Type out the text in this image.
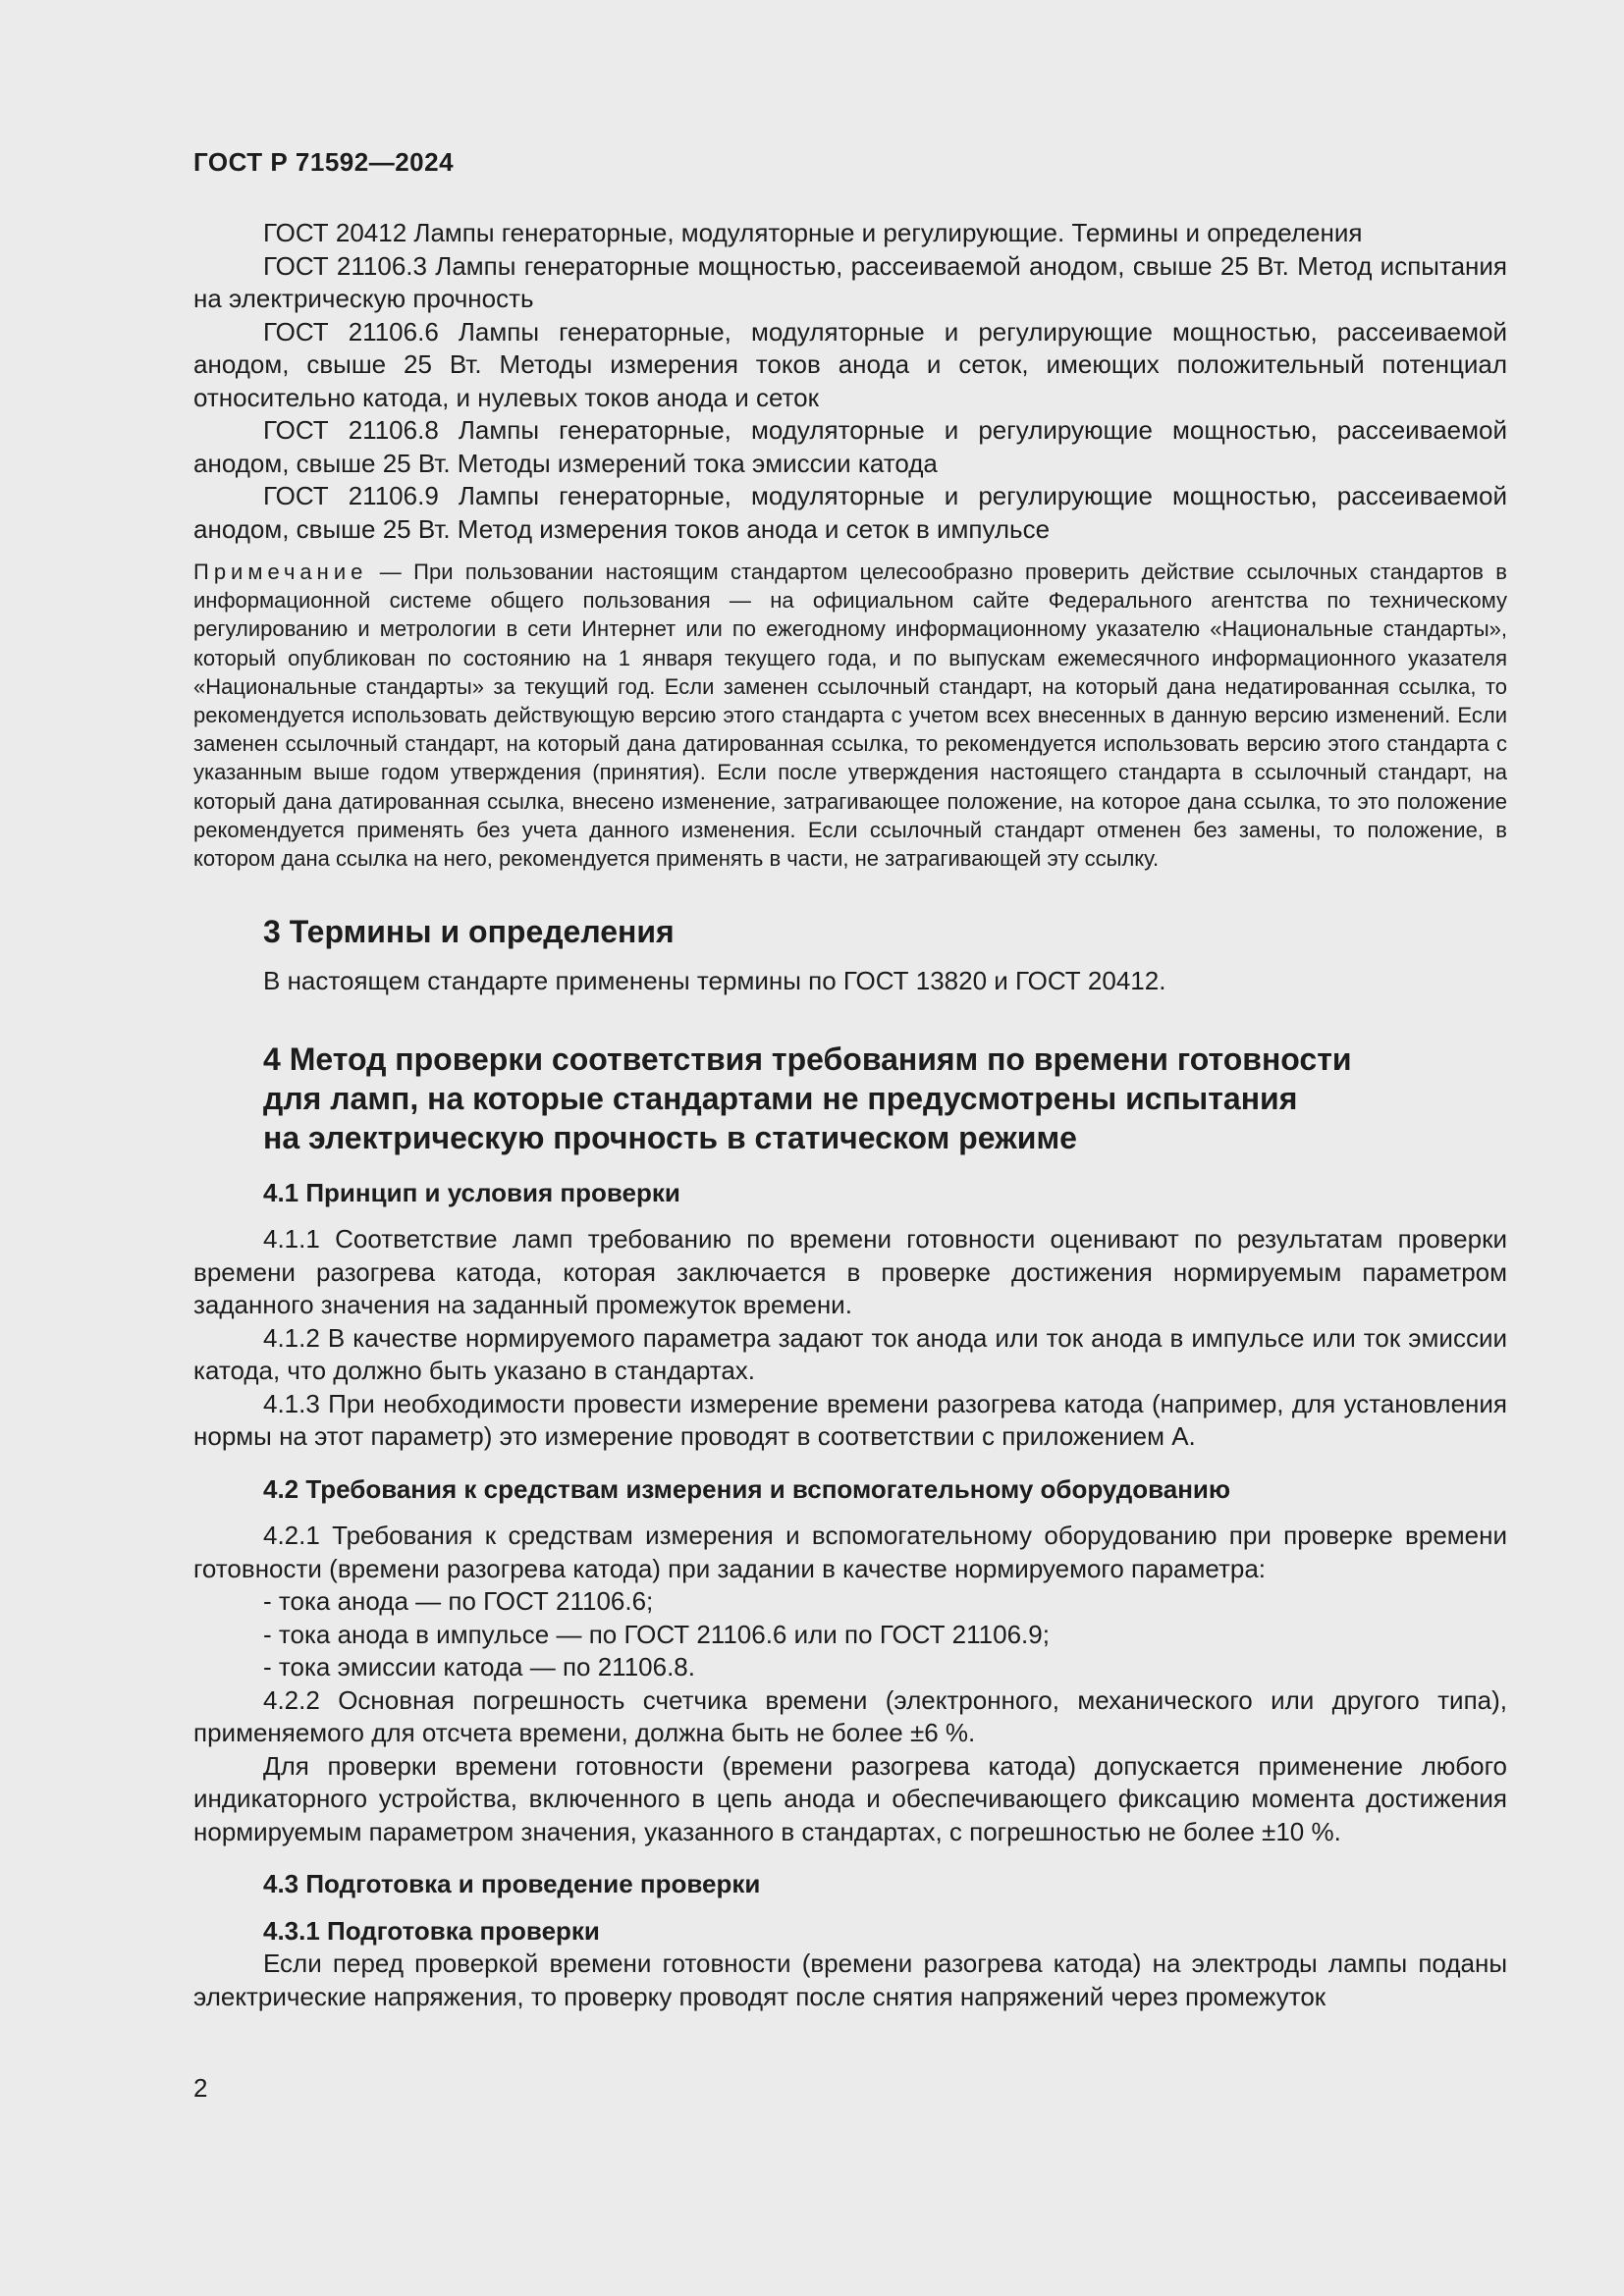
ГОСТ Р 71592—2024

ГОСТ 20412 Лампы генераторные, модуляторные и регулирующие. Термины и определения

ГОСТ 21106.3 Лампы генераторные мощностью, рассеиваемой анодом, свыше 25 Вт. Метод испытания на электрическую прочность

ГОСТ 21106.6 Лампы генераторные, модуляторные и регулирующие мощностью, рассеиваемой анодом, свыше 25 Вт. Методы измерения токов анода и сеток, имеющих положительный потенциал относительно катода, и нулевых токов анода и сеток

ГОСТ 21106.8 Лампы генераторные, модуляторные и регулирующие мощностью, рассеиваемой анодом, свыше 25 Вт. Методы измерений тока эмиссии катода

ГОСТ 21106.9 Лампы генераторные, модуляторные и регулирующие мощностью, рассеиваемой анодом, свыше 25 Вт. Метод измерения токов анода и сеток в импульсе

Примечание — При пользовании настоящим стандартом целесообразно проверить действие ссылочных стандартов в информационной системе общего пользования — на официальном сайте Федерального агентства по техническому регулированию и метрологии в сети Интернет или по ежегодному информационному указателю «Национальные стандарты», который опубликован по состоянию на 1 января текущего года, и по выпускам ежемесячного информационного указателя «Национальные стандарты» за текущий год. Если заменен ссылочный стандарт, на который дана недатированная ссылка, то рекомендуется использовать действующую версию этого стандарта с учетом всех внесенных в данную версию изменений. Если заменен ссылочный стандарт, на который дана датированная ссылка, то рекомендуется использовать версию этого стандарта с указанным выше годом утверждения (принятия). Если после утверждения настоящего стандарта в ссылочный стандарт, на который дана датированная ссылка, внесено изменение, затрагивающее положение, на которое дана ссылка, то это положение рекомендуется применять без учета данного изменения. Если ссылочный стандарт отменен без замены, то положение, в котором дана ссылка на него, рекомендуется применять в части, не затрагивающей эту ссылку.
3 Термины и определения

В настоящем стандарте применены термины по ГОСТ 13820 и ГОСТ 20412.

4 Метод проверки соответствия требованиям по времени готовности
для ламп, на которые стандартами не предусмотрены испытания
на электрическую прочность в статическом режиме
4.1 Принцип и условия проверки

4.1.1 Соответствие ламп требованию по времени готовности оценивают по результатам проверки времени разогрева катода, которая заключается в проверке достижения нормируемым параметром заданного значения на заданный промежуток времени.

4.1.2 В качестве нормируемого параметра задают ток анода или ток анода в импульсе или ток эмиссии катода, что должно быть указано в стандартах.

4.1.3 При необходимости провести измерение времени разогрева катода (например, для установления нормы на этот параметр) это измерение проводят в соответствии с приложением А.

4.2 Требования к средствам измерения и вспомогательному оборудованию

4.2.1 Требования к средствам измерения и вспомогательному оборудованию при проверке времени готовности (времени разогрева катода) при задании в качестве нормируемого параметра:

- тока анода — по ГОСТ 21106.6;

- тока анода в импульсе — по ГОСТ 21106.6 или по ГОСТ 21106.9;

- тока эмиссии катода — по 21106.8.

4.2.2 Основная погрешность счетчика времени (электронного, механического или другого типа), применяемого для отсчета времени, должна быть не более ±6 %.

Для проверки времени готовности (времени разогрева катода) допускается применение любого индикаторного устройства, включенного в цепь анода и обеспечивающего фиксацию момента достижения нормируемым параметром значения, указанного в стандартах, с погрешностью не более ±10 %.

4.3 Подготовка и проведение проверки
4.3.1 Подготовка проверки

Если перед проверкой времени готовности (времени разогрева катода) на электроды лампы поданы электрические напряжения, то проверку проводят после снятия напряжений через промежуток

2
